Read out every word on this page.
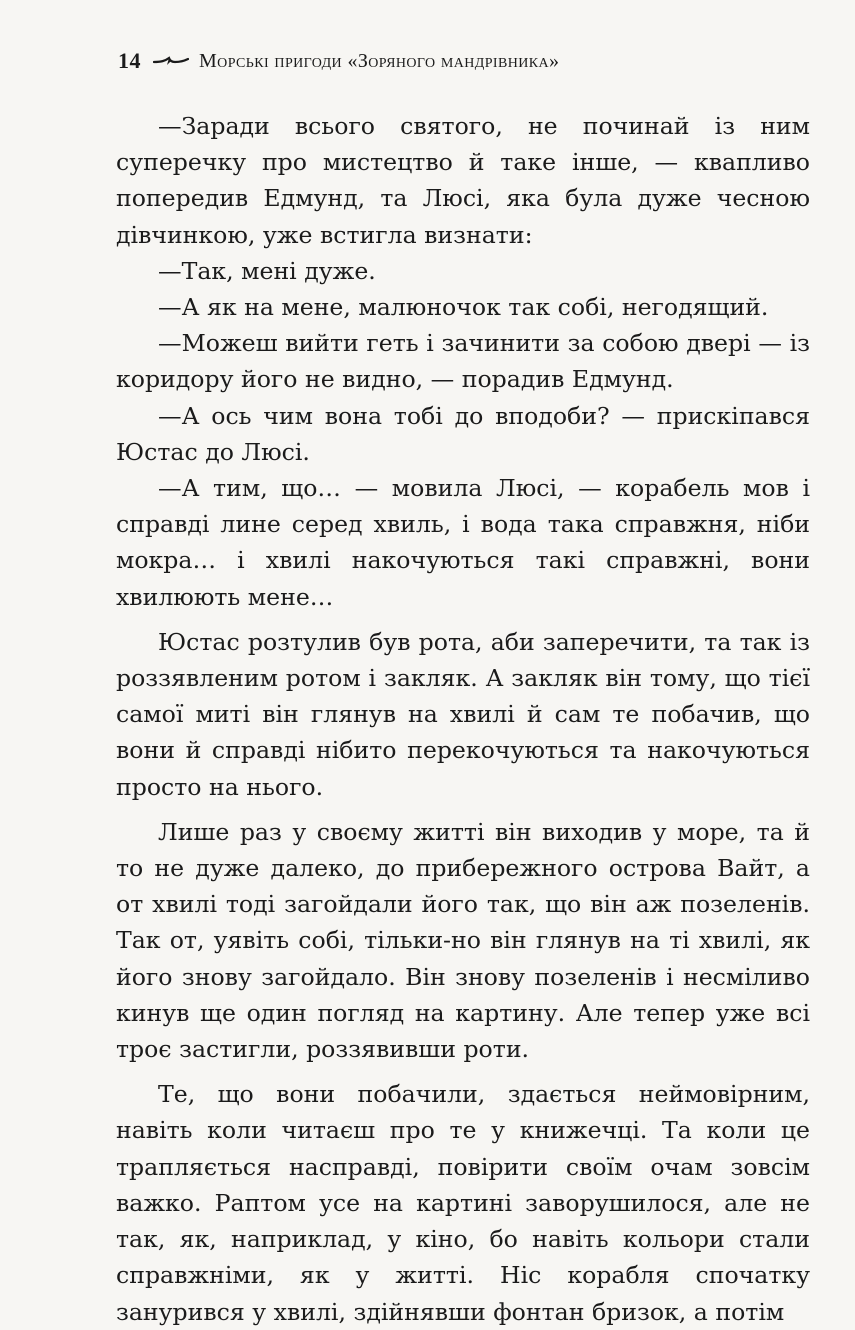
14	Морські пригоди «Зоряного мандрівника»

—Заради всього святого, не починай із ним суперечку про мистецтво й таке інше, — квапливо попередив Едмунд, та Люсі, яка була дуже чесною дівчинкою, уже встигла визнати:

—Так, мені дуже.

—А як на мене, малюночок так собі, негодящий.

—Можеш вийти геть і зачинити за собою двері — із коридору його не видно, — порадив Едмунд.

—А ось чим вона тобі до вподоби? — прискіпався Юстас до Люсі.

—А тим, що… — мовила Люсі, — корабель мов і справді лине серед хвиль, і вода така справжня, ніби мокра… і хвилі накочуються такі справжні, вони хвилюють мене…

Юстас розтулив був рота, аби заперечити, та так із роззявленим ротом і закляк. А закляк він тому, що тієї самої миті він глянув на хвилі й сам те побачив, що вони й справді нібито перекочуються та накочуються просто на нього.

Лише раз у своєму житті він виходив у море, та й то не дуже далеко, до прибережного острова Вайт, а от хвилі тоді загойдали його так, що він аж позеленів. Так от, уявіть собі, тільки-но він глянув на ті хвилі, як його знову загойдало. Він знову позеленів і несміливо кинув ще один погляд на картину. Але тепер уже всі троє застигли, роззявивши роти.

Те, що вони побачили, здається неймовірним, навіть коли читаєш про те у книжечці. Та коли це трапляється насправді, повірити своїм очам зовсім важко. Раптом усе на картині заворушилося, але не так, як, наприклад, у кіно, бо навіть кольори стали справжніми, як у житті. Ніс корабля спочатку занурився у хвилі, здійнявши фонтан бризок, а потім
